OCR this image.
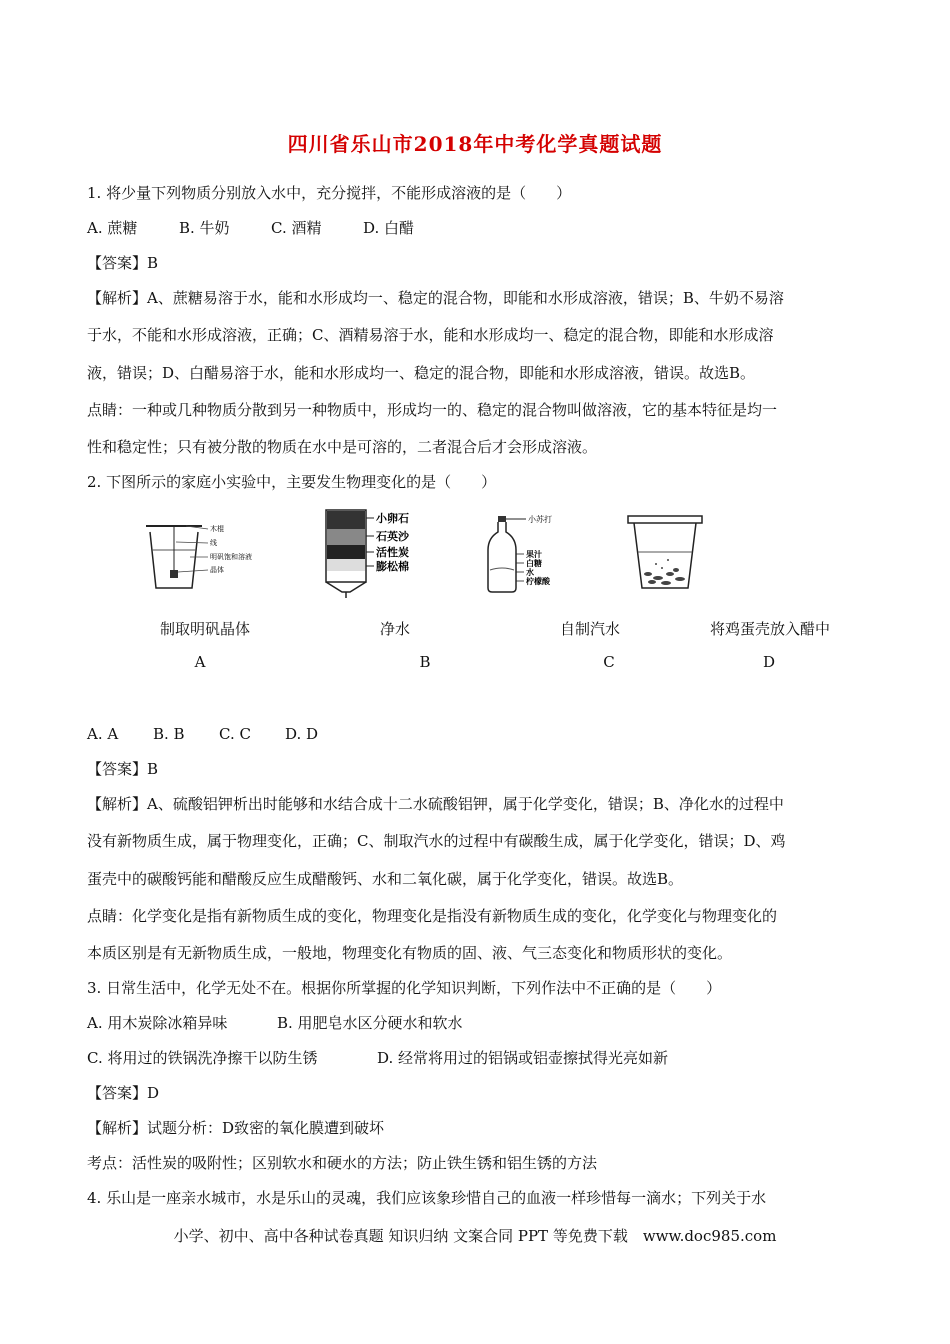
四川省乐山市2018年中考化学真题试题
1. 将少量下列物质分别放入水中，充分搅拌，不能形成溶液的是（　　）
A. 蔗糖	B. 牛奶	C. 酒精	D. 白醋
【答案】B
【解析】A、蔗糖易溶于水，能和水形成均一、稳定的混合物，即能和水形成溶液，错误；B、牛奶不易溶
于水，不能和水形成溶液，正确；C、酒精易溶于水，能和水形成均一、稳定的混合物，即能和水形成溶
液，错误；D、白醋易溶于水，能和水形成均一、稳定的混合物，即能和水形成溶液，错误。故选B。
点睛：一种或几种物质分散到另一种物质中，形成均一的、稳定的混合物叫做溶液，它的基本特征是均一
性和稳定性；只有被分散的物质在水中是可溶的，二者混合后才会形成溶液。
2. 下图所示的家庭小实验中，主要发生物理变化的是（　　）
木棍
线
明矾饱和溶液
晶体
小卵石
石英沙
活性炭
膨松棉
小苏打
果汁
白糖
水
柠檬酸
制取明矾晶体	净水	自制汽水	将鸡蛋壳放入醋中
A	B	C	D
A. A B. B C. C D. D
【答案】B
【解析】A、硫酸铝钾析出时能够和水结合成十二水硫酸铝钾，属于化学变化，错误；B、净化水的过程中
没有新物质生成，属于物理变化，正确；C、制取汽水的过程中有碳酸生成，属于化学变化，错误；D、鸡
蛋壳中的碳酸钙能和醋酸反应生成醋酸钙、水和二氧化碳，属于化学变化，错误。故选B。
点睛：化学变化是指有新物质生成的变化，物理变化是指没有新物质生成的变化，化学变化与物理变化的
本质区别是有无新物质生成，一般地，物理变化有物质的固、液、气三态变化和物质形状的变化。
3. 日常生活中，化学无处不在。根据你所掌握的化学知识判断，下列作法中不正确的是（　　）
A. 用木炭除冰箱异味	B. 用肥皂水区分硬水和软水
C. 将用过的铁锅洗净擦干以防生锈	D. 经常将用过的铝锅或铝壶擦拭得光亮如新
【答案】D
【解析】试题分析：D致密的氧化膜遭到破坏
考点：活性炭的吸附性；区别软水和硬水的方法；防止铁生锈和铝生锈的方法
4. 乐山是一座亲水城市，水是乐山的灵魂，我们应该象珍惜自己的血液一样珍惜每一滴水；下列关于水
小学、初中、高中各种试卷真题 知识归纳 文案合同 PPT 等免费下载　www.doc985.com
